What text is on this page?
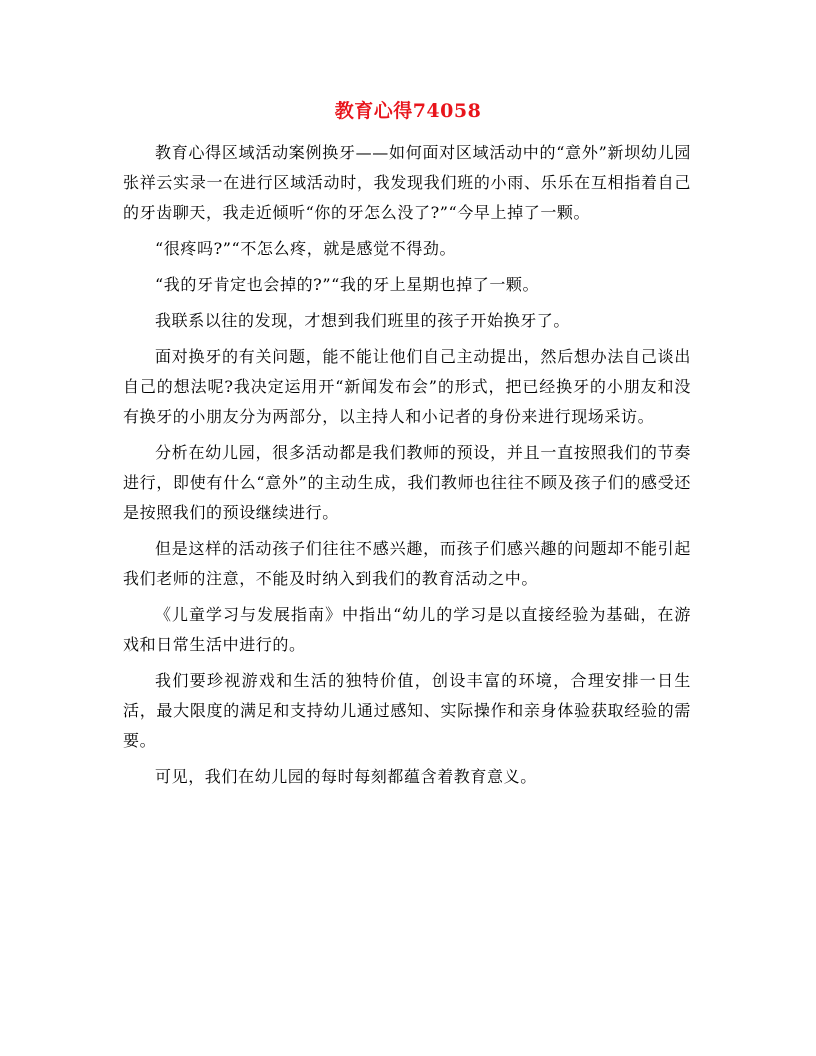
教育心得74058

教育心得区域活动案例换牙——如何面对区域活动中的“意外”新坝幼儿园张祥云实录一在进行区域活动时，我发现我们班的小雨、乐乐在互相指着自己的牙齿聊天，我走近倾听“你的牙怎么没了?”“今早上掉了一颗。

“很疼吗?”“不怎么疼，就是感觉不得劲。

“我的牙肯定也会掉的?”“我的牙上星期也掉了一颗。

我联系以往的发现，才想到我们班里的孩子开始换牙了。

面对换牙的有关问题，能不能让他们自己主动提出，然后想办法自己谈出自己的想法呢?我决定运用开“新闻发布会”的形式，把已经换牙的小朋友和没有换牙的小朋友分为两部分，以主持人和小记者的身份来进行现场采访。

分析在幼儿园，很多活动都是我们教师的预设，并且一直按照我们的节奏进行，即使有什么“意外”的主动生成，我们教师也往往不顾及孩子们的感受还是按照我们的预设继续进行。

但是这样的活动孩子们往往不感兴趣，而孩子们感兴趣的问题却不能引起我们老师的注意，不能及时纳入到我们的教育活动之中。

《儿童学习与发展指南》中指出“幼儿的学习是以直接经验为基础，在游戏和日常生活中进行的。

我们要珍视游戏和生活的独特价值，创设丰富的环境，合理安排一日生活，最大限度的满足和支持幼儿通过感知、实际操作和亲身体验获取经验的需要。

可见，我们在幼儿园的每时每刻都蕴含着教育意义。
